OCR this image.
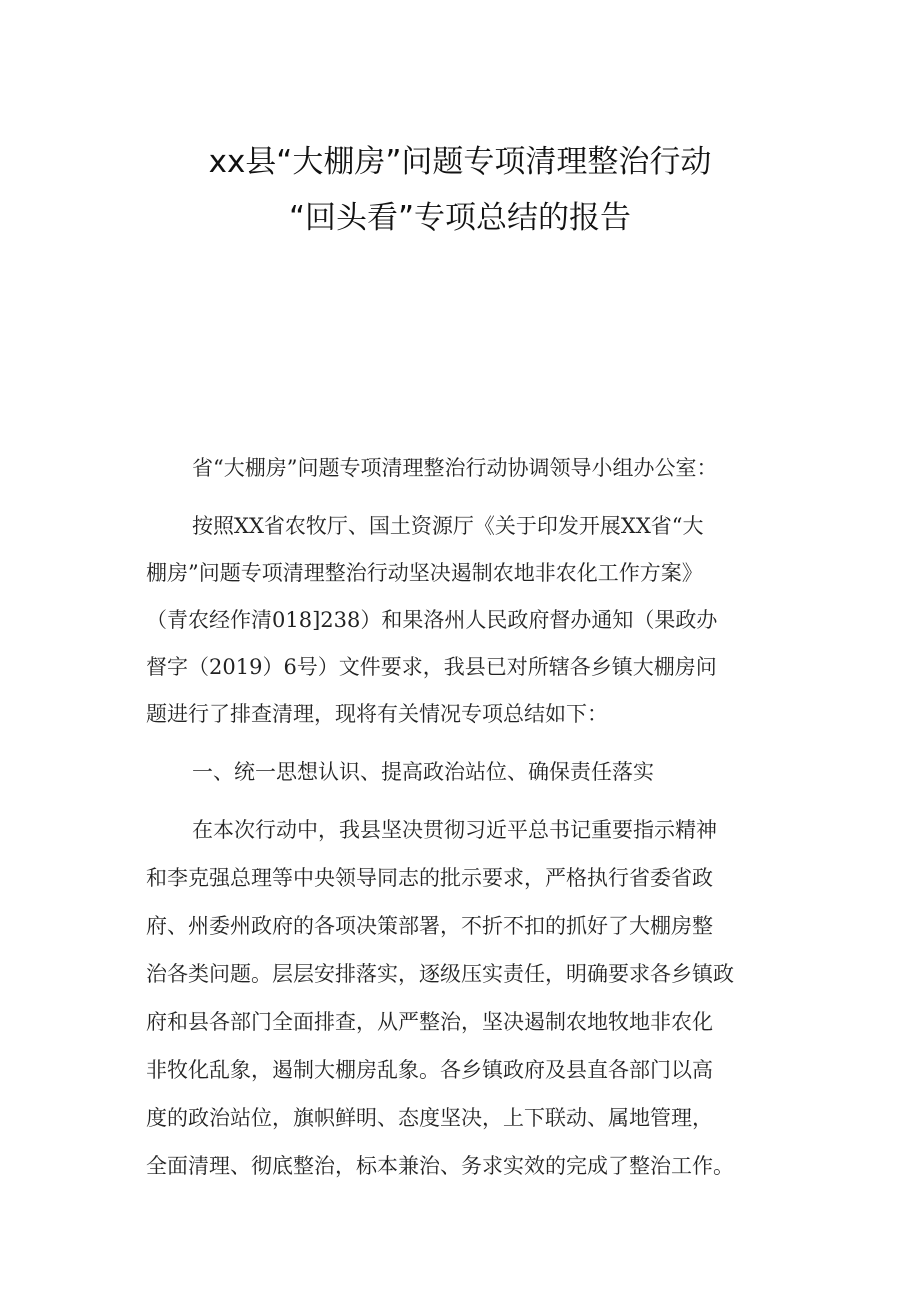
xx县“大棚房”问题专项清理整治行动
“回头看”专项总结的报告
省“大棚房”问题专项清理整治行动协调领导小组办公室：
按照XX省农牧厅、国土资源厅《关于印发开展XX省“大
棚房”问题专项清理整治行动坚决遏制农地非农化工作方案》
（青农经作清018]238）和果洛州人民政府督办通知（果政办
督字（2019）6号）文件要求，我县已对所辖各乡镇大棚房问
题进行了排查清理，现将有关情况专项总结如下：
一、统一思想认识、提高政治站位、确保责任落实
在本次行动中，我县坚决贯彻习近平总书记重要指示精神
和李克强总理等中央领导同志的批示要求，严格执行省委省政
府、州委州政府的各项决策部署，不折不扣的抓好了大棚房整
治各类问题。层层安排落实，逐级压实责任，明确要求各乡镇政
府和县各部门全面排查，从严整治，坚决遏制农地牧地非农化
非牧化乱象，遏制大棚房乱象。各乡镇政府及县直各部门以高
度的政治站位，旗帜鲜明、态度坚决，上下联动、属地管理，
全面清理、彻底整治，标本兼治、务求实效的完成了整治工作。
